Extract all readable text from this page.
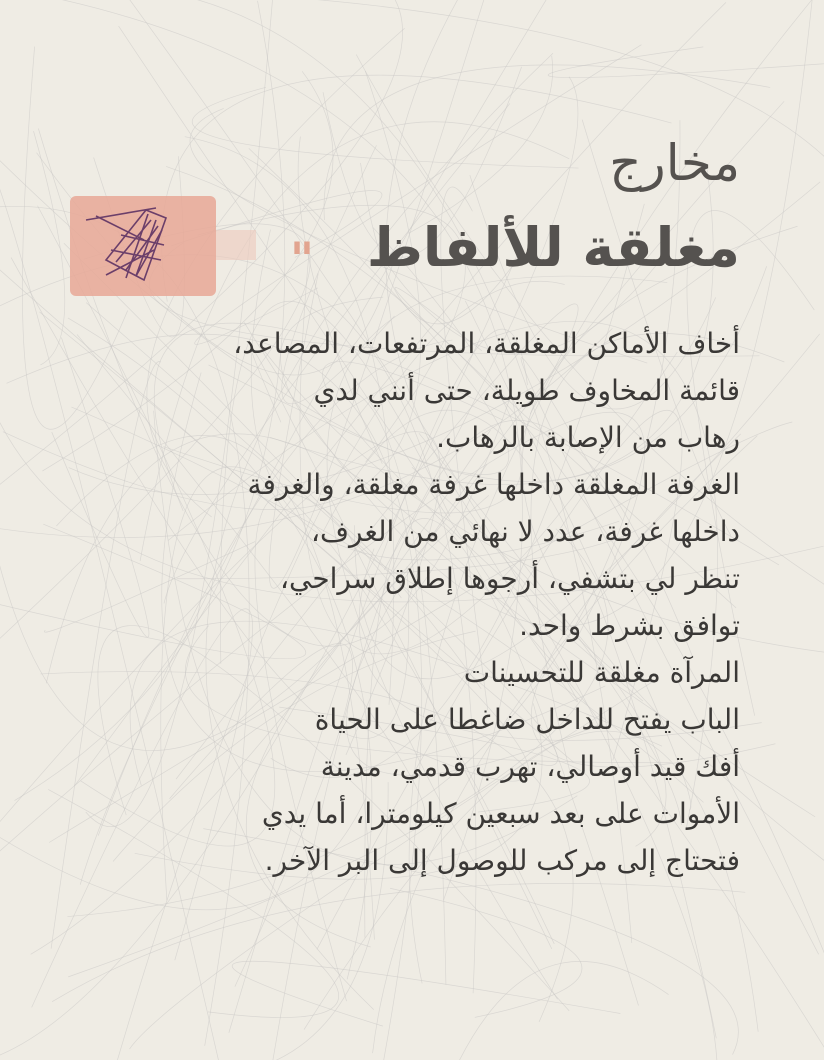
مخارج
مغلقة للألفاظ
"

أخاف الأماكن المغلقة، المرتفعات، المصاعد،
قائمة المخاوف طويلة، حتى أنني لدي
رهاب من الإصابة بالرهاب.
الغرفة المغلقة داخلها غرفة مغلقة، والغرفة
داخلها غرفة، عدد لا نهائي من الغرف،
تنظر لي بتشفي، أرجوها إطلاق سراحي،
توافق بشرط واحد.
المرآة مغلقة للتحسينات
الباب يفتح للداخل ضاغطا على الحياة
أفك قيد أوصالي، تهرب قدمي، مدينة
الأموات على بعد سبعين كيلومترا، أما يدي
فتحتاج إلى مركب للوصول إلى البر الآخر.
